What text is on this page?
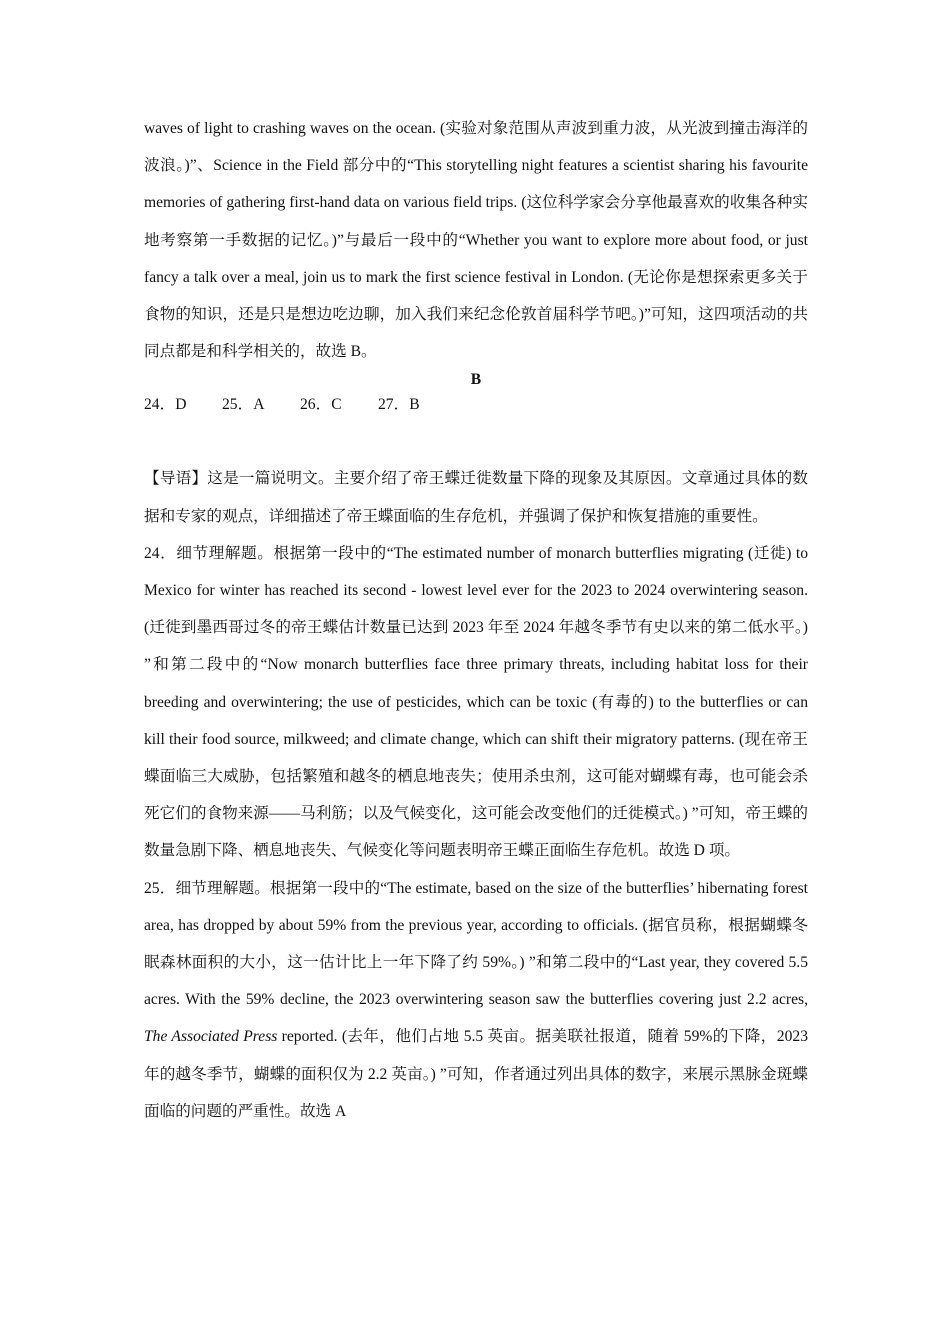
waves of light to crashing waves on the ocean. (实验对象范围从声波到重力波，从光波到撞击海洋的波浪。)”、Science in the Field 部分中的“This storytelling night features a scientist sharing his favourite memories of gathering first-hand data on various field trips. (这位科学家会分享他最喜欢的收集各种实地考察第一手数据的记忆。)”与最后一段中的“Whether you want to explore more about food, or just fancy a talk over a meal, join us to mark the first science festival in London. (无论你是想探索更多关于食物的知识，还是只是想边吃边聊，加入我们来纪念伦敦首届科学节吧。)”可知，这四项活动的共同点都是和科学相关的，故选 B。

B

24．D	25．A	26．C	27．B

【导语】这是一篇说明文。主要介绍了帝王蝶迁徙数量下降的现象及其原因。文章通过具体的数据和专家的观点，详细描述了帝王蝶面临的生存危机，并强调了保护和恢复措施的重要性。

24．细节理解题。根据第一段中的“The estimated number of monarch butterflies migrating (迁徙) to Mexico for winter has reached its second - lowest level ever for the 2023 to 2024 overwintering season. (迁徙到墨西哥过冬的帝王蝶估计数量已达到 2023 年至 2024 年越冬季节有史以来的第二低水平。) ”和第二段中的“Now monarch butterflies face three primary threats, including habitat loss for their breeding and overwintering; the use of pesticides, which can be toxic (有毒的) to the butterflies or can kill their food source, milkweed; and climate change, which can shift their migratory patterns. (现在帝王蝶面临三大威胁，包括繁殖和越冬的栖息地丧失；使用杀虫剂，这可能对蝴蝶有毒，也可能会杀死它们的食物来源——马利筋；以及气候变化，这可能会改变他们的迁徙模式。) ”可知，帝王蝶的数量急剧下降、栖息地丧失、气候变化等问题表明帝王蝶正面临生存危机。故选 D 项。

25．细节理解题。根据第一段中的“The estimate, based on the size of the butterflies’ hibernating forest area, has dropped by about 59% from the previous year, according to officials. (据官员称，根据蝴蝶冬眠森林面积的大小，这一估计比上一年下降了约 59%。) ”和第二段中的“Last year, they covered 5.5 acres. With the 59% decline, the 2023 overwintering season saw the butterflies covering just 2.2 acres, The Associated Press reported. (去年，他们占地 5.5 英亩。据美联社报道，随着 59%的下降，2023 年的越冬季节，蝴蝶的面积仅为 2.2 英亩。) ”可知，作者通过列出具体的数字，来展示黑脉金斑蝶面临的问题的严重性。故选 A
